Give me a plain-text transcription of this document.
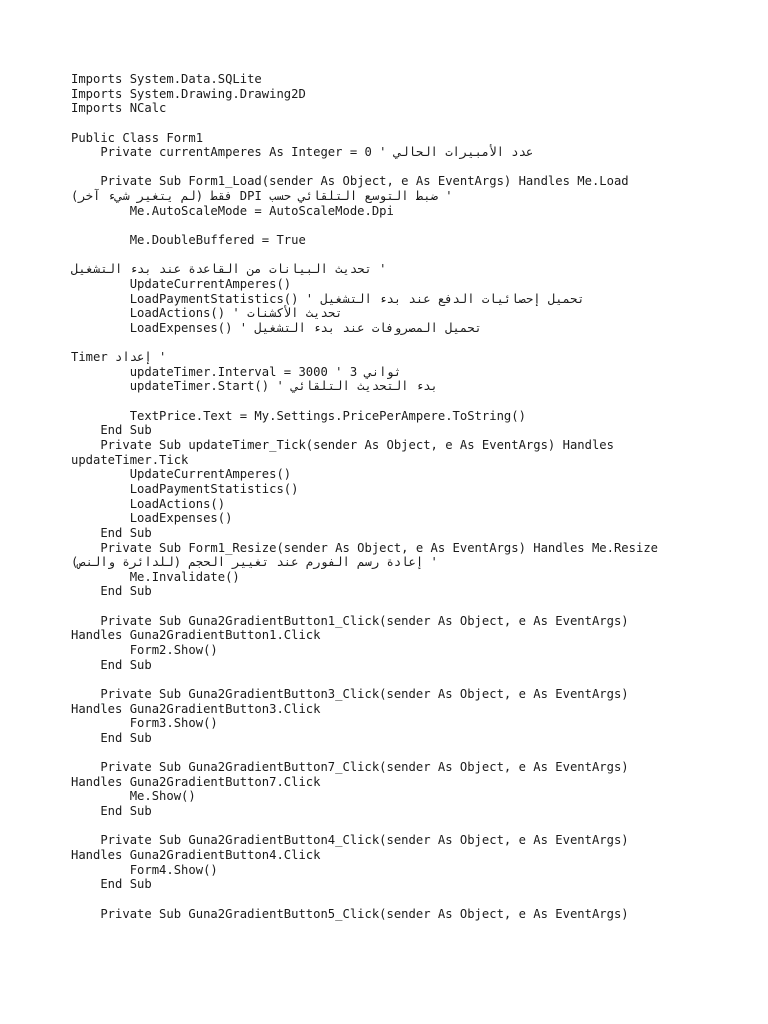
Imports System.Data.SQLite
Imports System.Drawing.Drawing2D
Imports NCalc
Public Class Form1
Private currentAmperes As Integer = 0 ' عدد الأمبيرات الحالي
Private Sub Form1_Load(sender As Object, e As EventArgs) Handles Me.Load
' ضبط التوسع التلقائي حسب DPI فقط (لم يتغير شيء آخر)
Me.AutoScaleMode = AutoScaleMode.Dpi
Me.DoubleBuffered = True
' تحديث البيانات من القاعدة عند بدء التشغيل
UpdateCurrentAmperes()
LoadPaymentStatistics() ' تحميل إحصائيات الدفع عند بدء التشغيل
LoadActions() ' تحديث الأكشنات
LoadExpenses() ' تحميل المصروفات عند بدء التشغيل
' إعداد Timer
updateTimer.Interval = 3000 ' 3 ثواني
updateTimer.Start() ' بدء التحديث التلقائي
TextPrice.Text = My.Settings.PricePerAmpere.ToString()
End Sub
Private Sub updateTimer_Tick(sender As Object, e As EventArgs) Handles
updateTimer.Tick
UpdateCurrentAmperes()
LoadPaymentStatistics()
LoadActions()
LoadExpenses()
End Sub
Private Sub Form1_Resize(sender As Object, e As EventArgs) Handles Me.Resize
' إعادة رسم الفورم عند تغيير الحجم (للدائرة والنص)
Me.Invalidate()
End Sub
Private Sub Guna2GradientButton1_Click(sender As Object, e As EventArgs)
Handles Guna2GradientButton1.Click
Form2.Show()
End Sub
Private Sub Guna2GradientButton3_Click(sender As Object, e As EventArgs)
Handles Guna2GradientButton3.Click
Form3.Show()
End Sub
Private Sub Guna2GradientButton7_Click(sender As Object, e As EventArgs)
Handles Guna2GradientButton7.Click
Me.Show()
End Sub
Private Sub Guna2GradientButton4_Click(sender As Object, e As EventArgs)
Handles Guna2GradientButton4.Click
Form4.Show()
End Sub
Private Sub Guna2GradientButton5_Click(sender As Object, e As EventArgs)
